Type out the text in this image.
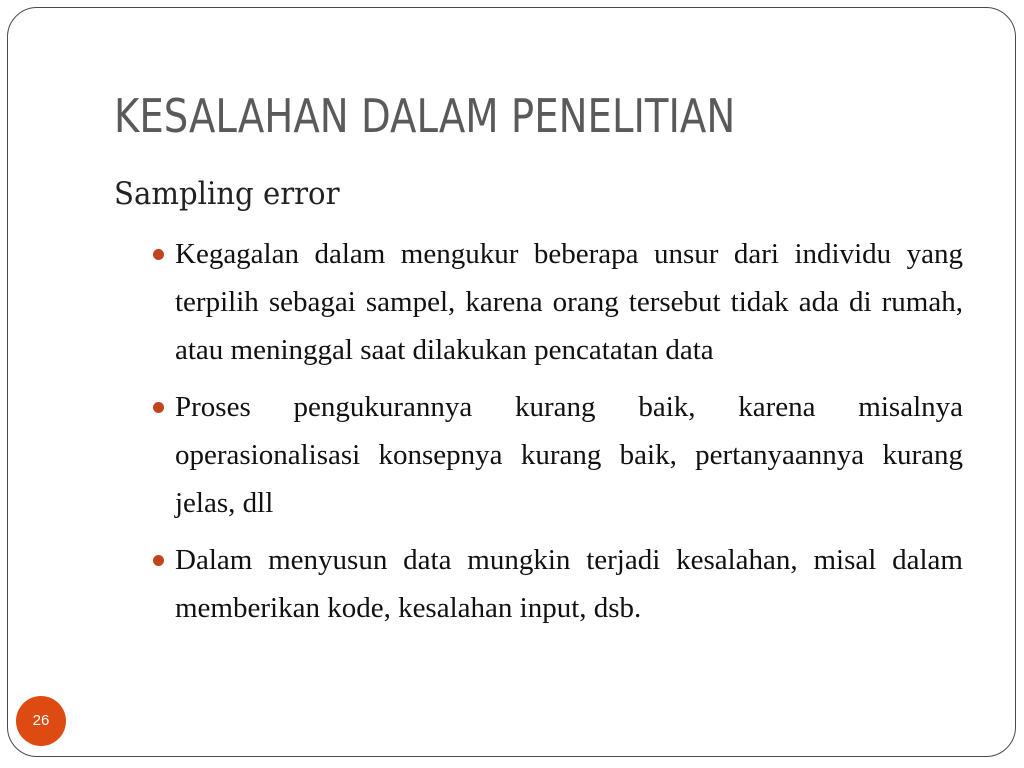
KESALAHAN DALAM PENELITIAN
Sampling error
Kegagalan dalam mengukur beberapa unsur dari individu yang terpilih sebagai sampel, karena orang tersebut tidak ada di rumah, atau meninggal saat dilakukan pencatatan data
Proses pengukurannya kurang baik, karena misalnya operasionalisasi konsepnya kurang baik, pertanyaannya kurang jelas, dll
Dalam menyusun data mungkin terjadi kesalahan, misal dalam memberikan kode, kesalahan input, dsb.
26
